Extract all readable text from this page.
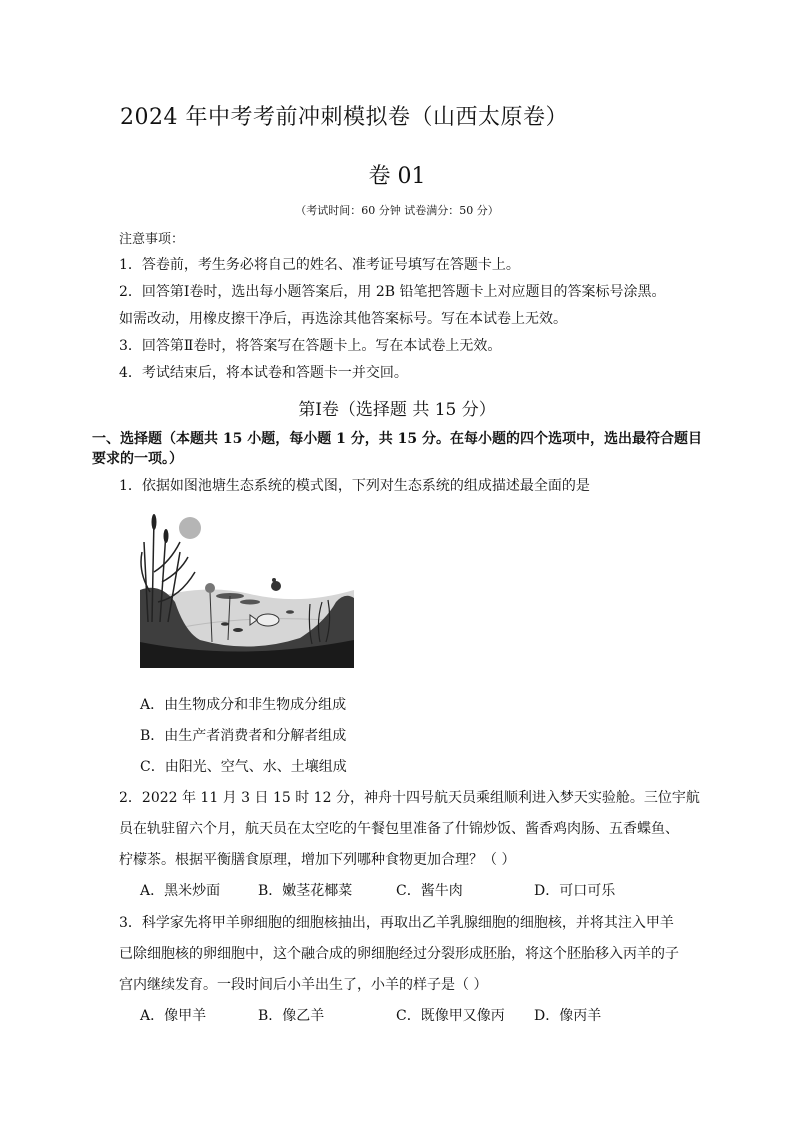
2024 年中考考前冲刺模拟卷（山西太原卷）
卷 01
（考试时间：60 分钟 试卷满分：50 分）
注意事项：
1．答卷前，考生务必将自己的姓名、准考证号填写在答题卡上。
2．回答第Ⅰ卷时，选出每小题答案后，用 2B 铅笔把答题卡上对应题目的答案标号涂黑。
如需改动，用橡皮擦干净后，再选涂其他答案标号。写在本试卷上无效。
3．回答第Ⅱ卷时，将答案写在答题卡上。写在本试卷上无效。
4．考试结束后，将本试卷和答题卡一并交回。
第Ⅰ卷（选择题 共 15 分）
一、选择题（本题共 15 小题，每小题 1 分，共 15 分。在每小题的四个选项中，选出最符合题目
要求的一项。）
1．依据如图池塘生态系统的模式图，下列对生态系统的组成描述最全面的是
A．由生物成分和非生物成分组成
B．由生产者消费者和分解者组成
C．由阳光、空气、水、土壤组成
2．2022 年 11 月 3 日 15 时 12 分，神舟十四号航天员乘组顺利进入梦天实验舱。三位宇航
员在轨驻留六个月，航天员在太空吃的午餐包里准备了什锦炒饭、酱香鸡肉肠、五香蝶鱼、
柠檬茶。根据平衡膳食原理，增加下列哪种食物更加合理？（ ）
A．黑米炒面	B．嫩茎花椰菜	C．酱牛肉	D．可口可乐
3．科学家先将甲羊卵细胞的细胞核抽出，再取出乙羊乳腺细胞的细胞核，并将其注入甲羊
已除细胞核的卵细胞中，这个融合成的卵细胞经过分裂形成胚胎，将这个胚胎移入丙羊的子
宫内继续发育。一段时间后小羊出生了，小羊的样子是（ ）
A．像甲羊	B．像乙羊	C．既像甲又像丙 D．像丙羊
